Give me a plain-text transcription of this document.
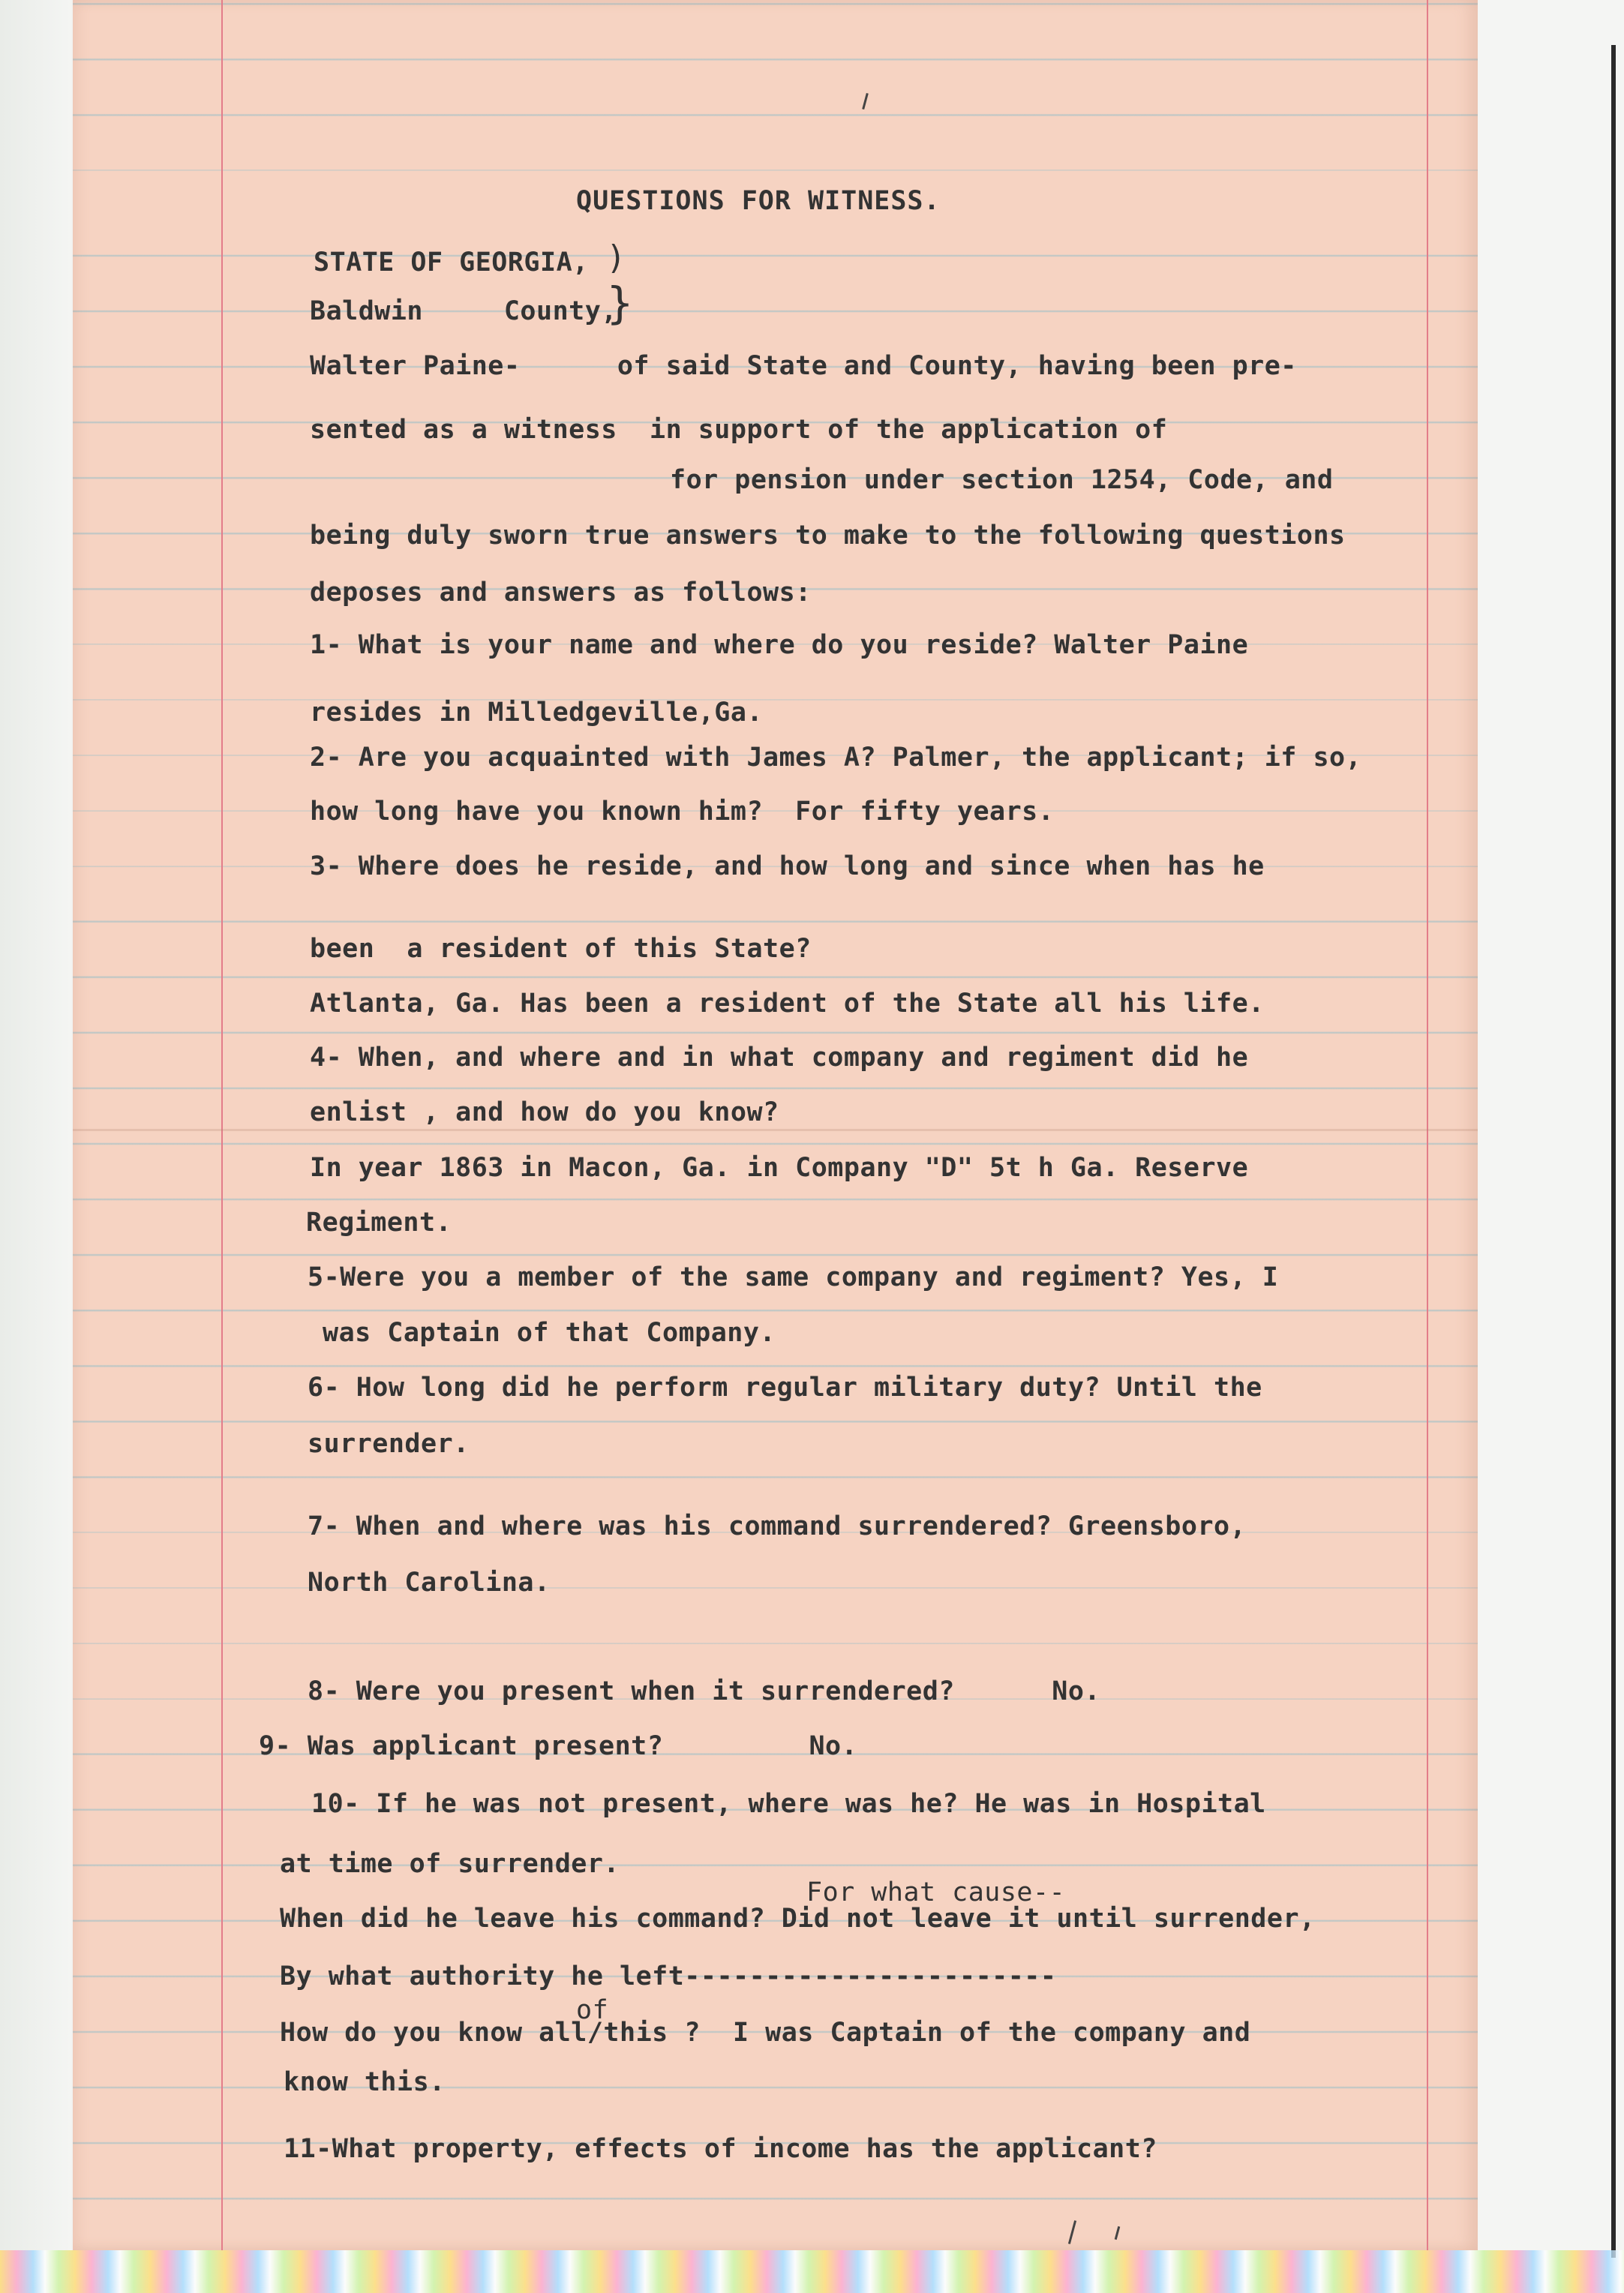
QUESTIONS FOR WITNESS.

STATE OF GEORGIA,

)

Baldwin     County,

}

Walter Paine-      of said State and County, having been pre-

sented as a witness  in support of the application of

for pension under section 1254, Code, and

being duly sworn true answers to make to the following questions

deposes and answers as follows:

1- What is your name and where do you reside? Walter Paine

resides in Milledgeville,Ga.

2- Are you acquainted with James A? Palmer, the applicant; if so,

how long have you known him?  For fifty years.

3- Where does he reside, and how long and since when has he

been  a resident of this State?

Atlanta, Ga. Has been a resident of the State all his life.

4- When, and where and in what company and regiment did he

enlist , and how do you know?

In year 1863 in Macon, Ga. in Company "D" 5t h Ga. Reserve

Regiment.

5-Were you a member of the same company and regiment? Yes, I

was Captain of that Company.

6- How long did he perform regular military duty? Until the

surrender.

7- When and where was his command surrendered? Greensboro,

North Carolina.

8- Were you present when it surrendered?      No.

9- Was applicant present?         No.

10- If he was not present, where was he? He was in Hospital

at time of surrender.

For what cause--

When did he leave his command? Did not leave it until surrender,

By what authority he left-----------------------

of

How do you know all/this ?  I was Captain of the company and

know this.

11-What property, effects of income has the applicant?
